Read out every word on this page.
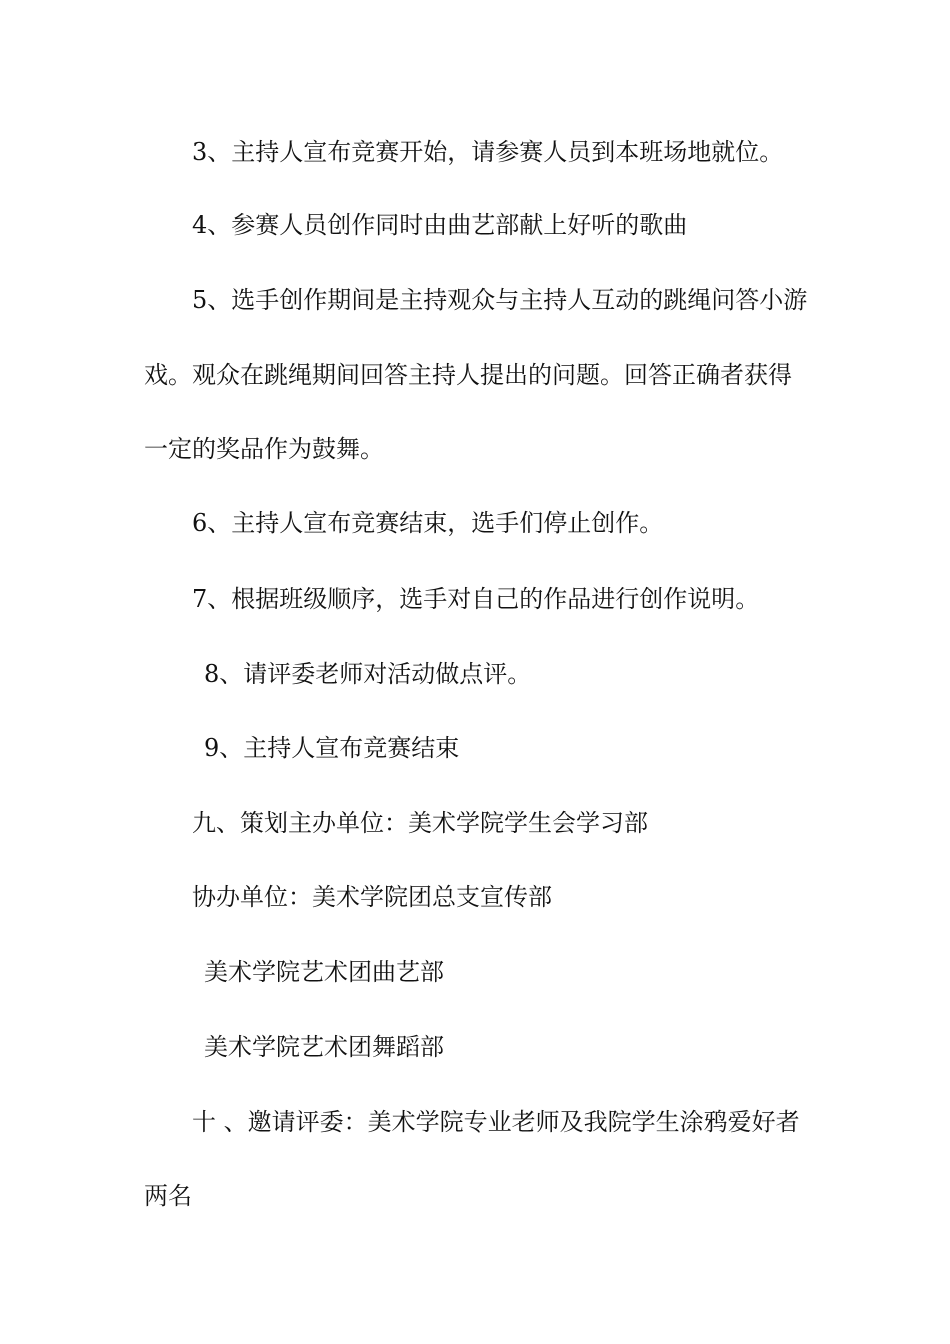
3、主持人宣布竞赛开始，请参赛人员到本班场地就位。
4、参赛人员创作同时由曲艺部献上好听的歌曲
5、选手创作期间是主持观众与主持人互动的跳绳问答小游
戏。观众在跳绳期间回答主持人提出的问题。回答正确者获得
一定的奖品作为鼓舞。
6、主持人宣布竞赛结束，选手们停止创作。
7、根据班级顺序，选手对自己的作品进行创作说明。
8、请评委老师对活动做点评。
9、主持人宣布竞赛结束
九、策划主办单位：美术学院学生会学习部
协办单位：美术学院团总支宣传部
美术学院艺术团曲艺部
美术学院艺术团舞蹈部
十 、邀请评委：美术学院专业老师及我院学生涂鸦爱好者
两名
